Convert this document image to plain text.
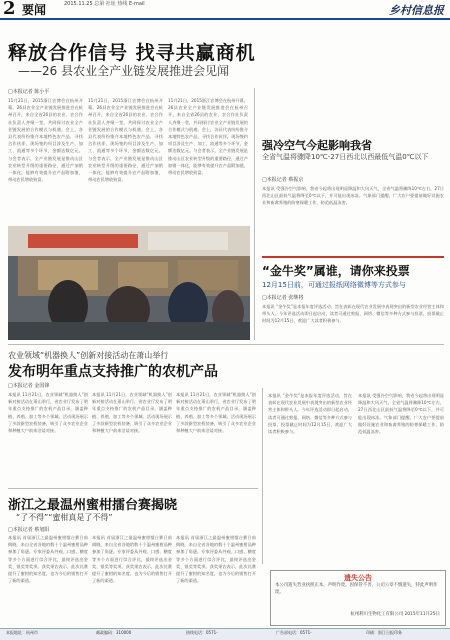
2 要闻	2015.11.25 总第 社址 热线 E-mail	乡村信息报
释放合作信号 找寻共赢商机
——26 县农业全产业链发展推进会见闻
□本报记者 陈小平
11月21日，2015浙江农博会在杭州开幕。26县农业全产业链发展推进会在杭州召开，来自全省26县的农业、农合作社负责人齐聚一堂，共同探讨农业全产业链发展的合作模式与机遇。会上，各县代表纷纷推介本地特色农产品，寻找合作伙伴，现场签约项目涉及生产、加工、流通等多个环节，金额达数亿元。与会者表示，全产业链发展是推动山区农业转型升级的重要路径，通过产加销一体化，能够有效提升农产品附加值，带动农民增收致富。
11月21日，2015浙江农博会在杭州开幕。26县农业全产业链发展推进会在杭州召开，来自全省26县的农业、农合作社负责人齐聚一堂，共同探讨农业全产业链发展的合作模式与机遇。会上，各县代表纷纷推介本地特色农产品，寻找合作伙伴，现场签约项目涉及生产、加工、流通等多个环节，金额达数亿元。与会者表示，全产业链发展是推动山区农业转型升级的重要路径，通过产加销一体化，能够有效提升农产品附加值，带动农民增收致富。
11月21日，2015浙江农博会在杭州开幕。26县农业全产业链发展推进会在杭州召开，来自全省26县的农业、农合作社负责人齐聚一堂，共同探讨农业全产业链发展的合作模式与机遇。会上，各县代表纷纷推介本地特色农产品，寻找合作伙伴，现场签约项目涉及生产、加工、流通等多个环节，金额达数亿元。与会者表示，全产业链发展是推动山区农业转型升级的重要路径，通过产加销一体化，能够有效提升农产品附加值，带动农民增收致富。
强冷空气今起影响我省
全省气温将骤降10℃-27日西北以西最低气温0℃以下
□本报记者 蔡振京
本报讯 受强冷空气影响，我省今起将出现明显降温和大风天气，全省气温将骤降10℃左右，27日西北山区最低气温将降至0℃以下，并可能出现冰冻。气象部门提醒，广大农户要提前做好设施农业和畜禽养殖的防寒保暖工作，防范低温冻害。
“金牛奖”属谁，请你来投票
12月15日前，可通过报纸网络微博等方式参与
□本报记者 张继将
本报讯 “金牛奖”是本报年度评选活动，旨在表彰在现代农业发展中表现突出的新型农业经营主体和带头人。今年评选活动即日起启动，读者可通过剪报、网络、微信等多种方式参与投票，投票截止时间为12月15日，欢迎广大读者积极参与。
农业领域“机器换人”创新对接活动在萧山举行
发布明年重点支持推广的农机产品
□本报记者 金国锋
本报讯 11月21日，农业领域“机器换人”创新对接活动在萧山举行，省农业厅发布了明年重点支持推广的农机产品目录，涵盖种植、养殖、加工等多个领域。活动现场展示了多款新型农机装备，吸引了众多农业企业和种植大户前来洽谈对接。
本报讯 11月21日，农业领域“机器换人”创新对接活动在萧山举行，省农业厅发布了明年重点支持推广的农机产品目录，涵盖种植、养殖、加工等多个领域。活动现场展示了多款新型农机装备，吸引了众多农业企业和种植大户前来洽谈对接。
本报讯 11月21日，农业领域“机器换人”创新对接活动在萧山举行，省农业厅发布了明年重点支持推广的农机产品目录，涵盖种植、养殖、加工等多个领域。活动现场展示了多款新型农机装备，吸引了众多农业企业和种植大户前来洽谈对接。
本报讯 “金牛奖”是本报年度评选活动，旨在表彰在现代农业发展中表现突出的新型农业经营主体和带头人。今年评选活动即日起启动，读者可通过剪报、网络、微信等多种方式参与投票，投票截止时间为12月15日，欢迎广大读者积极参与。
本报讯 受强冷空气影响，我省今起将出现明显降温和大风天气，全省气温将骤降10℃左右，27日西北山区最低气温将降至0℃以下，并可能出现冰冻。气象部门提醒，广大农户要提前做好设施农业和畜禽养殖的防寒保暖工作，防范低温冻害。
浙江之最温州蜜柑擂台赛揭晓
“了不得”“蜜柑真是了不得”
□本报记者 蔡旭阳
本报讯 首届浙江之最温州蜜柑擂台赛日前揭晓，来自全省各地的数十个温州蜜柑品种参加了角逐。专家评委从外观、口感、糖度等多个方面进行综合评比，最终评选出金奖、银奖等奖项。获奖果农表示，此次比赛提升了蜜柑的知名度，也为今后的销售打开了新的渠道。
本报讯 首届浙江之最温州蜜柑擂台赛日前揭晓，来自全省各地的数十个温州蜜柑品种参加了角逐。专家评委从外观、口感、糖度等多个方面进行综合评比，最终评选出金奖、银奖等奖项。获奖果农表示，此次比赛提升了蜜柑的知名度，也为今后的销售打开了新的渠道。
本报讯 首届浙江之最温州蜜柑擂台赛日前揭晓，来自全省各地的数十个温州蜜柑品种参加了角逐。专家评委从外观、口感、糖度等多个方面进行综合评比，最终评选出金奖、银奖等奖项。获奖果农表示，此次比赛提升了蜜柑的知名度，也为今后的销售打开了新的渠道。	遗失公告
本公司遗失营业执照正本，声明作废。因保管不善，公司公章不慎遗失，特此声明作废。
杭州利川生物化工有限公司 2015年11月25日
本报地址：杭州市	邮政编码：310000	热线电话：0571-	广告部电话：0571-	印刷：浙江日报印务
